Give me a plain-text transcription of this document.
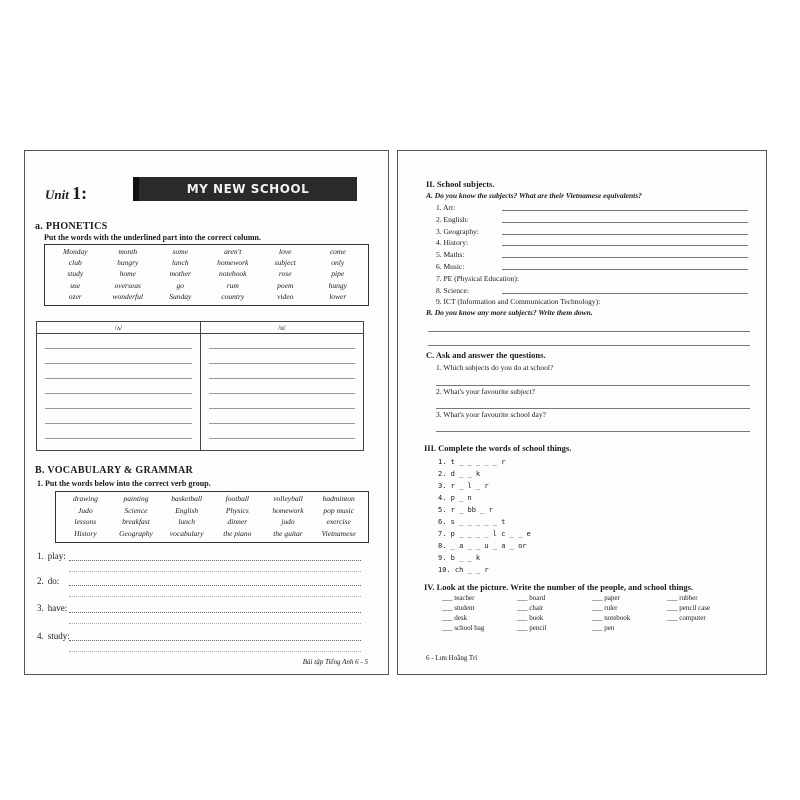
Unit 1:	MY NEW SCHOOL
a. PHONETICS
Put the words with the underlined part into the correct column.
Monday	month	some	aren't	love	come
club	hungry	lunch	homework	subject	only
study	home	mother	notebook	rose	pipe
use	overseas	go	rum	poem	hungy
ozer	wonderful	Sunday	country	video	lower
/ʌ/	/u/
B. VOCABULARY & GRAMMAR
1. Put the words below into the correct verb group.
drawing	painting	basketball	football	volleyball	badminton
Judo	Science	English	Physics	homework	pop music
lessons	breakfast	lunch	dinner	judo	exercise
History	Geography	vocabulary	the piano	the guitar	Vietnamese
1. play:
2. do:
3. have:
4. study:
Bài tập Tiếng Anh 6 - 5
II. School subjects.
A. Do you know the subjects? What are their Vietnamese equivalents?
1. Art:
2. English:
3. Geography:
4. History:
5. Maths:
6. Music:
7. PE (Physical Education):
8. Science:
9. ICT (Information and Communication Technology):
B. Do you know any more subjects? Write them down.
C. Ask and answer the questions.
1. Which subjects do you do at school?
2. What's your favourite subject?
3. What's your favourite school day?
III. Complete the words of school things.
1. t _ _ _ _ _ r
2. d _ _ k
3. r _ l _ r
4. p _ n
5. r _ bb _ r
6. s _ _ _ _ _ t
7. p _ _ _ _ l c _ _ e
8. _ a _ _ u _ a _ or
9. b _ _ k
10. ch _ _ r
IV. Look at the picture. Write the number of the people, and school things.
___ teacher	___ board	___ paper	___ rubber
___ student	___ chair	___ ruler	___ pencil case
___ desk	___ book	___ notebook	___ computer
___ school bag	___ pencil	___ pen
6 - Lưu Hoằng Trí
